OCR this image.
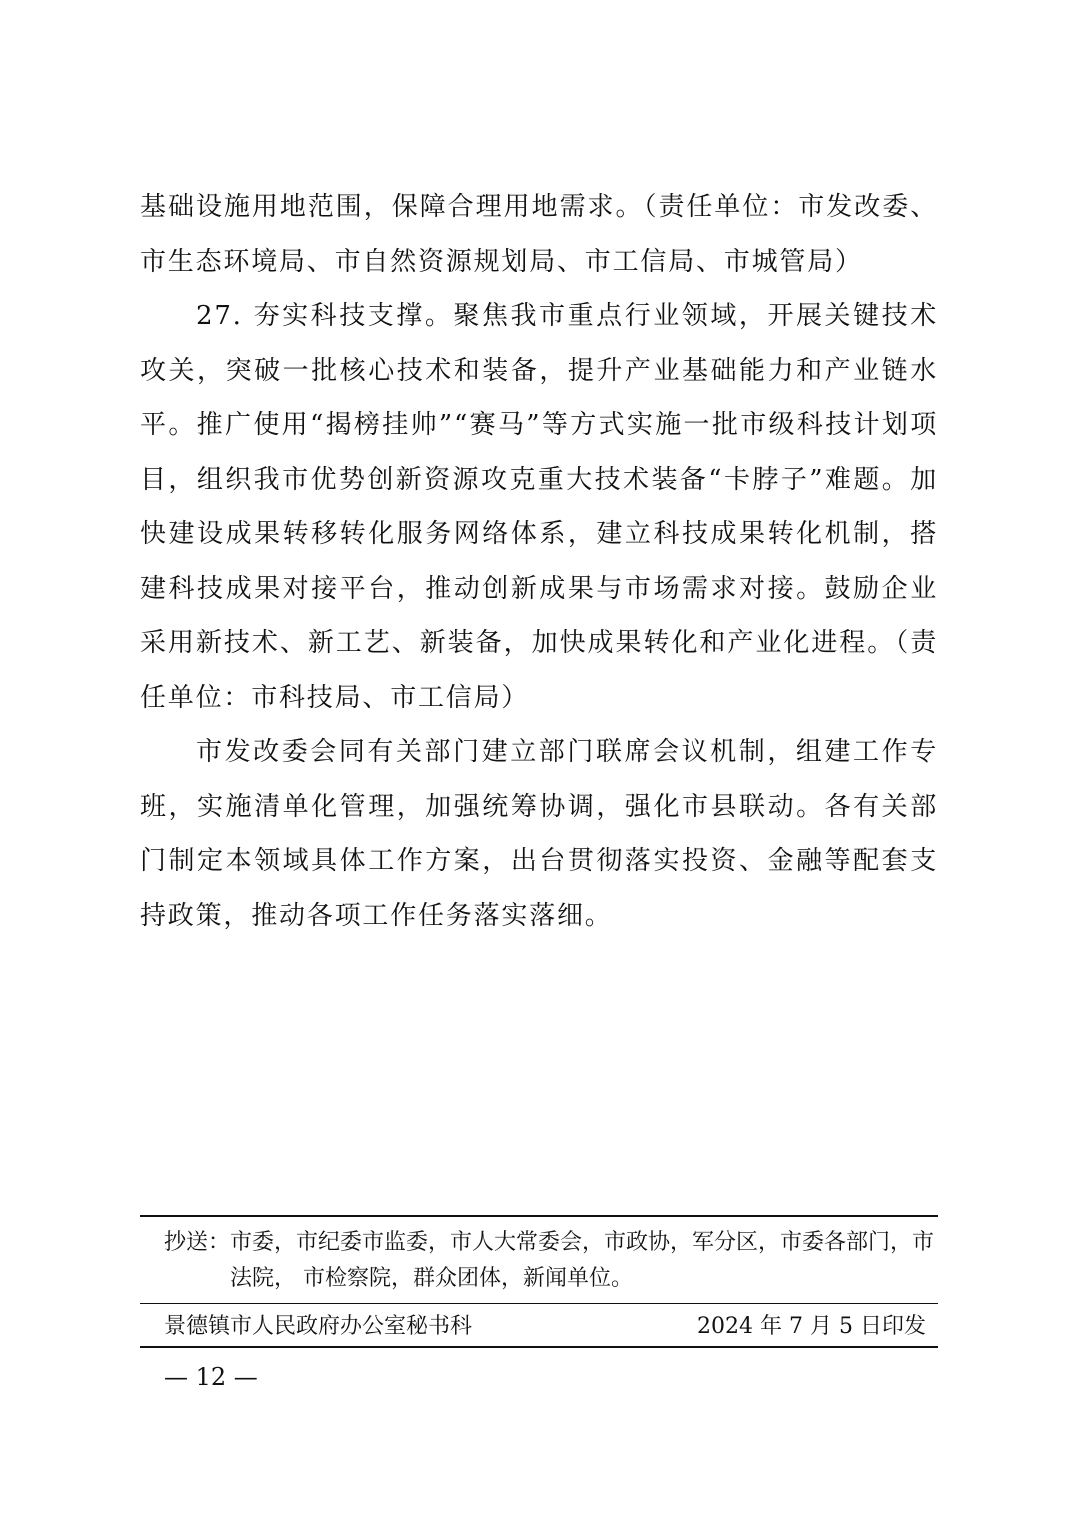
基础设施用地范围，保障合理用地需求。（责任单位：市发改委、市生态环境局、市自然资源规划局、市工信局、市城管局）

27. 夯实科技支撑。聚焦我市重点行业领域，开展关键技术攻关，突破一批核心技术和装备，提升产业基础能力和产业链水平。推广使用“揭榜挂帅”“赛马”等方式实施一批市级科技计划项目，组织我市优势创新资源攻克重大技术装备“卡脖子”难题。加快建设成果转移转化服务网络体系，建立科技成果转化机制，搭建科技成果对接平台，推动创新成果与市场需求对接。鼓励企业采用新技术、新工艺、新装备，加快成果转化和产业化进程。（责任单位：市科技局、市工信局）

市发改委会同有关部门建立部门联席会议机制，组建工作专班，实施清单化管理，加强统筹协调，强化市县联动。各有关部门制定本领域具体工作方案，出台贯彻落实投资、金融等配套支持政策，推动各项工作任务落实落细。

抄送： 市委，市纪委市监委，市人大常委会，市政协，军分区，市委各部门，市法院， 市检察院，群众团体，新闻单位。
景德镇市人民政府办公室秘书科	2024 年 7 月 5 日印发
— 12 —
